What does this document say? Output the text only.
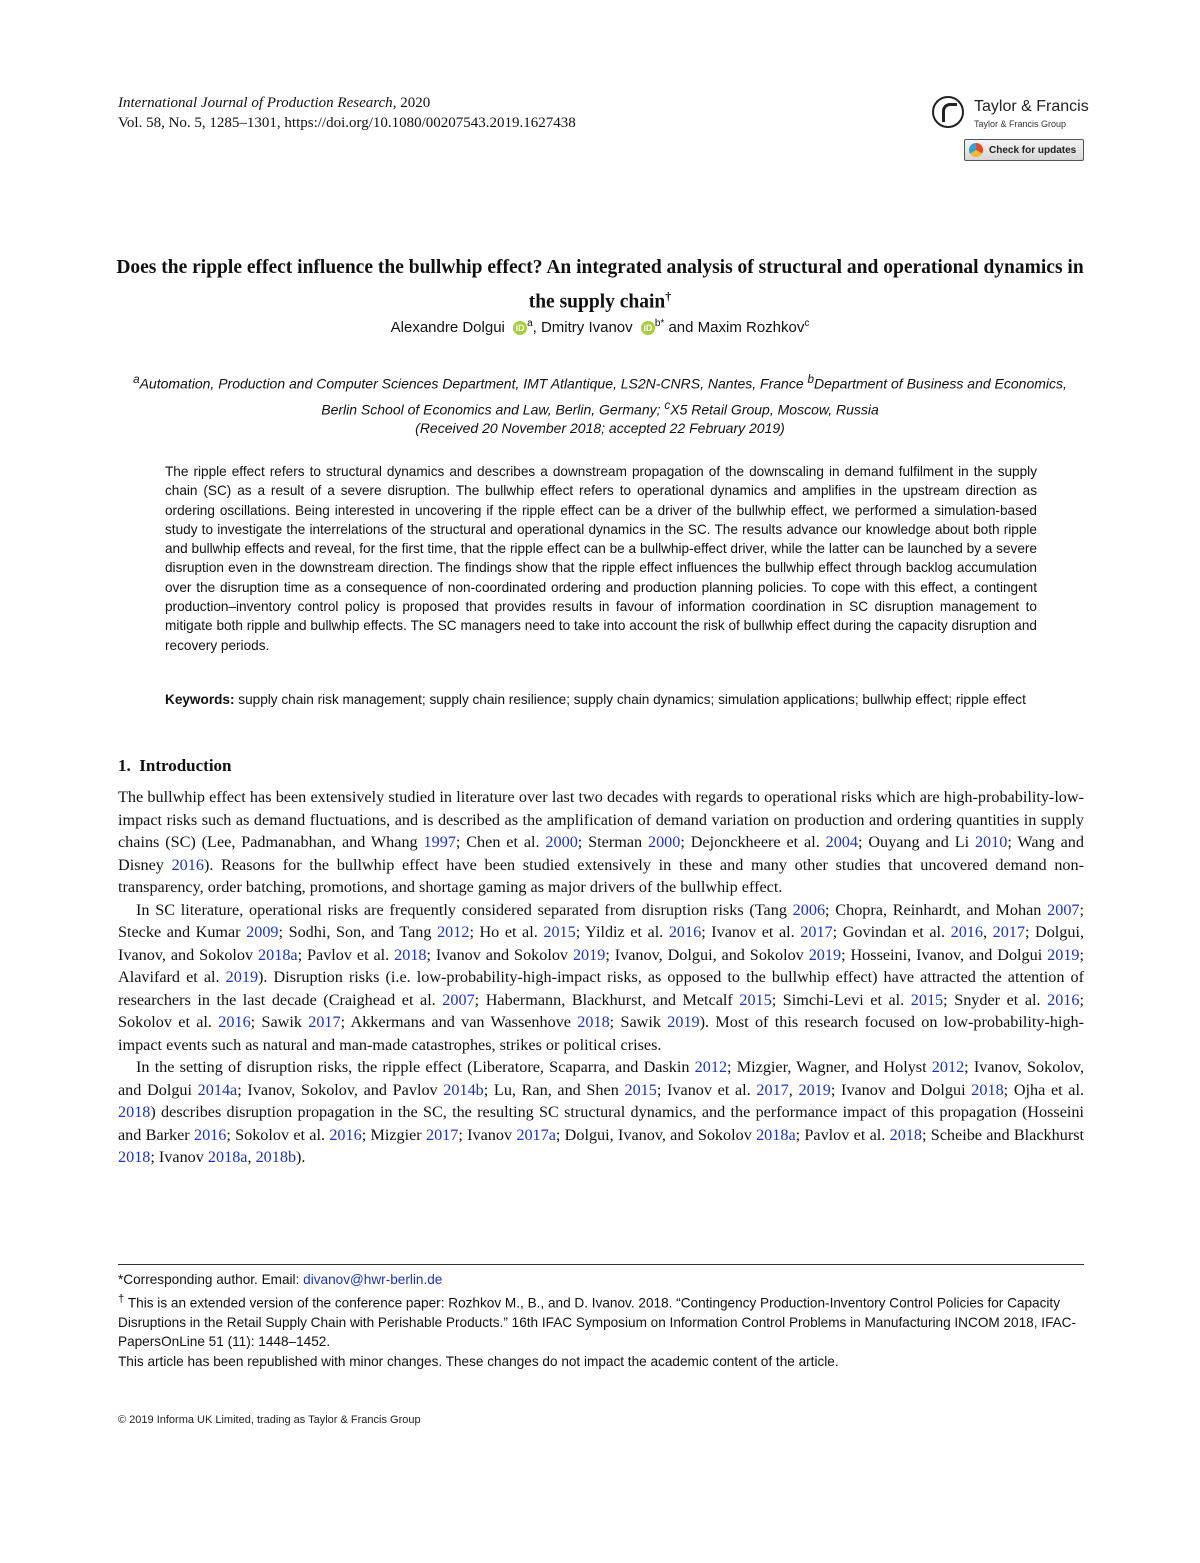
International Journal of Production Research, 2020
Vol. 58, No. 5, 1285–1301, https://doi.org/10.1080/00207543.2019.1627438
Taylor & Francis
Taylor & Francis Group
Check for updates
Does the ripple effect influence the bullwhip effect? An integrated analysis of structural and operational dynamics in the supply chain†
Alexandre Dolgui iD $^a$, Dmitry Ivanov iD $^{b*}$ and Maxim Rozhkov$^c$
$^a$Automation, Production and Computer Sciences Department, IMT Atlantique, LS2N-CNRS, Nantes, France $^b$Department of Business and Economics, Berlin School of Economics and Law, Berlin, Germany; $^c$X5 Retail Group, Moscow, Russia
(Received 20 November 2018; accepted 22 February 2019)
The ripple effect refers to structural dynamics and describes a downstream propagation of the downscaling in demand fulfilment in the supply chain (SC) as a result of a severe disruption. The bullwhip effect refers to operational dynamics and amplifies in the upstream direction as ordering oscillations. Being interested in uncovering if the ripple effect can be a driver of the bullwhip effect, we performed a simulation-based study to investigate the interrelations of the structural and operational dynamics in the SC. The results advance our knowledge about both ripple and bullwhip effects and reveal, for the first time, that the ripple effect can be a bullwhip-effect driver, while the latter can be launched by a severe disruption even in the downstream direction. The findings show that the ripple effect influences the bullwhip effect through backlog accumulation over the disruption time as a consequence of non-coordinated ordering and production planning policies. To cope with this effect, a contingent production–inventory control policy is proposed that provides results in favour of information coordination in SC disruption management to mitigate both ripple and bullwhip effects. The SC managers need to take into account the risk of bullwhip effect during the capacity disruption and recovery periods.
Keywords: supply chain risk management; supply chain resilience; supply chain dynamics; simulation applications; bullwhip effect; ripple effect
1. Introduction

The bullwhip effect has been extensively studied in literature over last two decades with regards to operational risks which are high-probability-low-impact risks such as demand fluctuations, and is described as the amplification of demand variation on production and ordering quantities in supply chains (SC) (Lee, Padmanabhan, and Whang 1997; Chen et al. 2000; Sterman 2000; Dejonckheere et al. 2004; Ouyang and Li 2010; Wang and Disney 2016). Reasons for the bullwhip effect have been studied extensively in these and many other studies that uncovered demand non-transparency, order batching, promotions, and shortage gaming as major drivers of the bullwhip effect.

In SC literature, operational risks are frequently considered separated from disruption risks (Tang 2006; Chopra, Reinhardt, and Mohan 2007; Stecke and Kumar 2009; Sodhi, Son, and Tang 2012; Ho et al. 2015; Yildiz et al. 2016; Ivanov et al. 2017; Govindan et al. 2016, 2017; Dolgui, Ivanov, and Sokolov 2018a; Pavlov et al. 2018; Ivanov and Sokolov 2019; Ivanov, Dolgui, and Sokolov 2019; Hosseini, Ivanov, and Dolgui 2019; Alavifard et al. 2019). Disruption risks (i.e. low-probability-high-impact risks, as opposed to the bullwhip effect) have attracted the attention of researchers in the last decade (Craighead et al. 2007; Habermann, Blackhurst, and Metcalf 2015; Simchi-Levi et al. 2015; Snyder et al. 2016; Sokolov et al. 2016; Sawik 2017; Akkermans and van Wassenhove 2018; Sawik 2019). Most of this research focused on low-probability-high-impact events such as natural and man-made catastrophes, strikes or political crises.

In the setting of disruption risks, the ripple effect (Liberatore, Scaparra, and Daskin 2012; Mizgier, Wagner, and Holyst 2012; Ivanov, Sokolov, and Dolgui 2014a; Ivanov, Sokolov, and Pavlov 2014b; Lu, Ran, and Shen 2015; Ivanov et al. 2017, 2019; Ivanov and Dolgui 2018; Ojha et al. 2018) describes disruption propagation in the SC, the resulting SC structural dynamics, and the performance impact of this propagation (Hosseini and Barker 2016; Sokolov et al. 2016; Mizgier 2017; Ivanov 2017a; Dolgui, Ivanov, and Sokolov 2018a; Pavlov et al. 2018; Scheibe and Blackhurst 2018; Ivanov 2018a, 2018b).

*Corresponding author. Email: divanov@hwr-berlin.de

† This is an extended version of the conference paper: Rozhkov M., B., and D. Ivanov. 2018. “Contingency Production-Inventory Control Policies for Capacity Disruptions in the Retail Supply Chain with Perishable Products.” 16th IFAC Symposium on Information Control Problems in Manufacturing INCOM 2018, IFAC-PapersOnLine 51 (11): 1448–1452.

This article has been republished with minor changes. These changes do not impact the academic content of the article.

© 2019 Informa UK Limited, trading as Taylor & Francis Group
